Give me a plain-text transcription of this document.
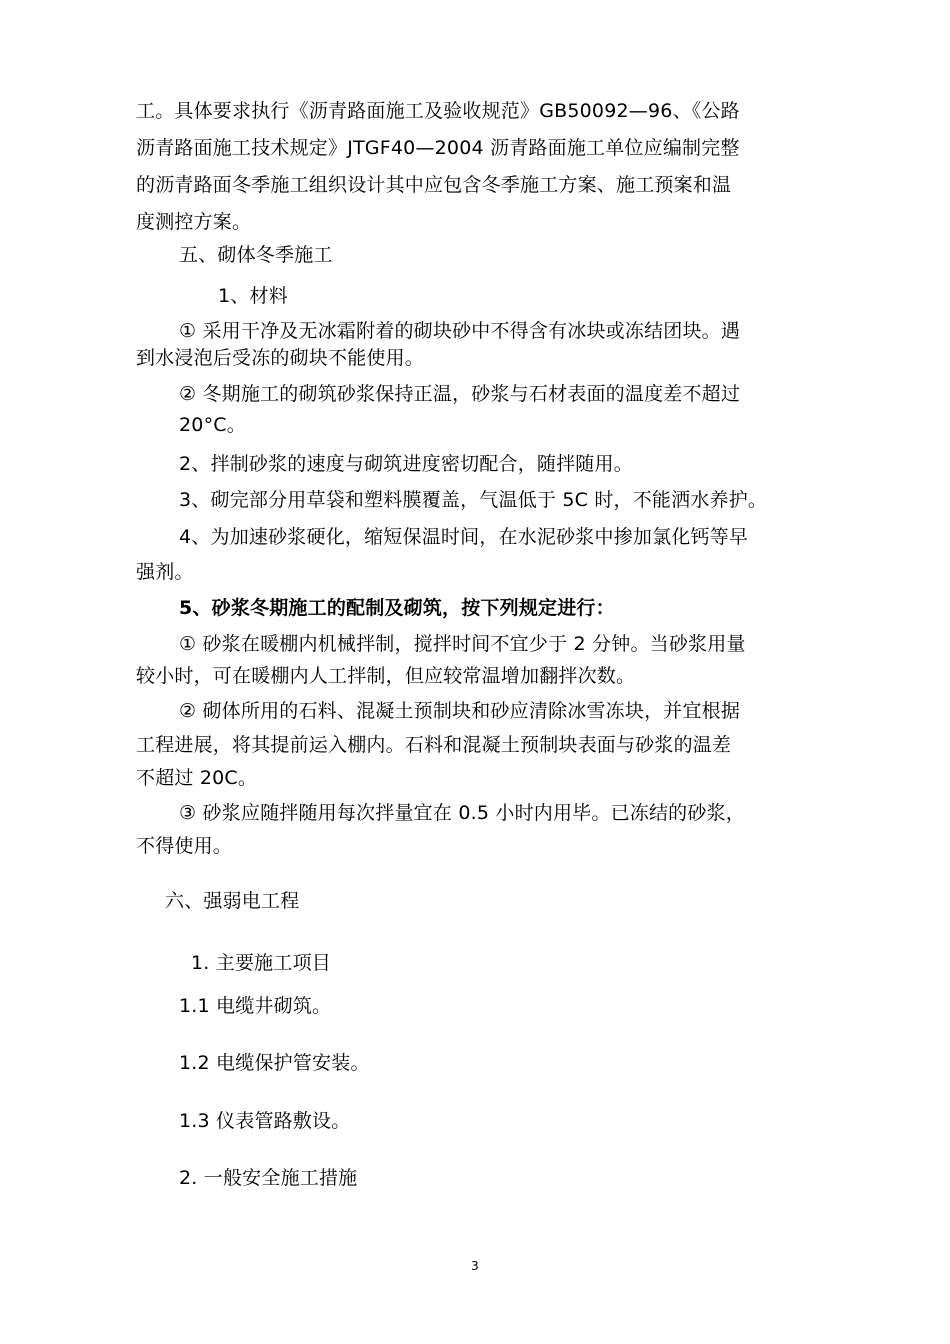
工。具体要求执行《沥青路面施工及验收规范》GB50092—96、《公路
沥青路面施工技术规定》JTGF40—2004 沥青路面施工单位应编制完整
的沥青路面冬季施工组织设计其中应包含冬季施工方案、施工预案和温
度测控方案。
五、砌体冬季施工
1、材料
① 采用干净及无冰霜附着的砌块砂中不得含有冰块或冻结团块。遇
到水浸泡后受冻的砌块不能使用。
② 冬期施工的砌筑砂浆保持正温，砂浆与石材表面的温度差不超过
20°C。
2、拌制砂浆的速度与砌筑进度密切配合，随拌随用。
3、砌完部分用草袋和塑料膜覆盖，气温低于 5C 时，不能洒水养护。
4、为加速砂浆硬化，缩短保温时间，在水泥砂浆中掺加氯化钙等早
强剂。
5、砂浆冬期施工的配制及砌筑，按下列规定进行：
① 砂浆在暖棚内机械拌制，搅拌时间不宜少于 2 分钟。当砂浆用量
较小时，可在暖棚内人工拌制，但应较常温增加翻拌次数。
② 砌体所用的石料、混凝土预制块和砂应清除冰雪冻块，并宜根据
工程进展，将其提前运入棚内。石料和混凝土预制块表面与砂浆的温差
不超过 20C。
③ 砂浆应随拌随用每次拌量宜在 0.5 小时内用毕。已冻结的砂浆，
不得使用。
六、强弱电工程
1. 主要施工项目
1.1 电缆井砌筑。
1.2 电缆保护管安装。
1.3 仪表管路敷设。
2. 一般安全施工措施
3
